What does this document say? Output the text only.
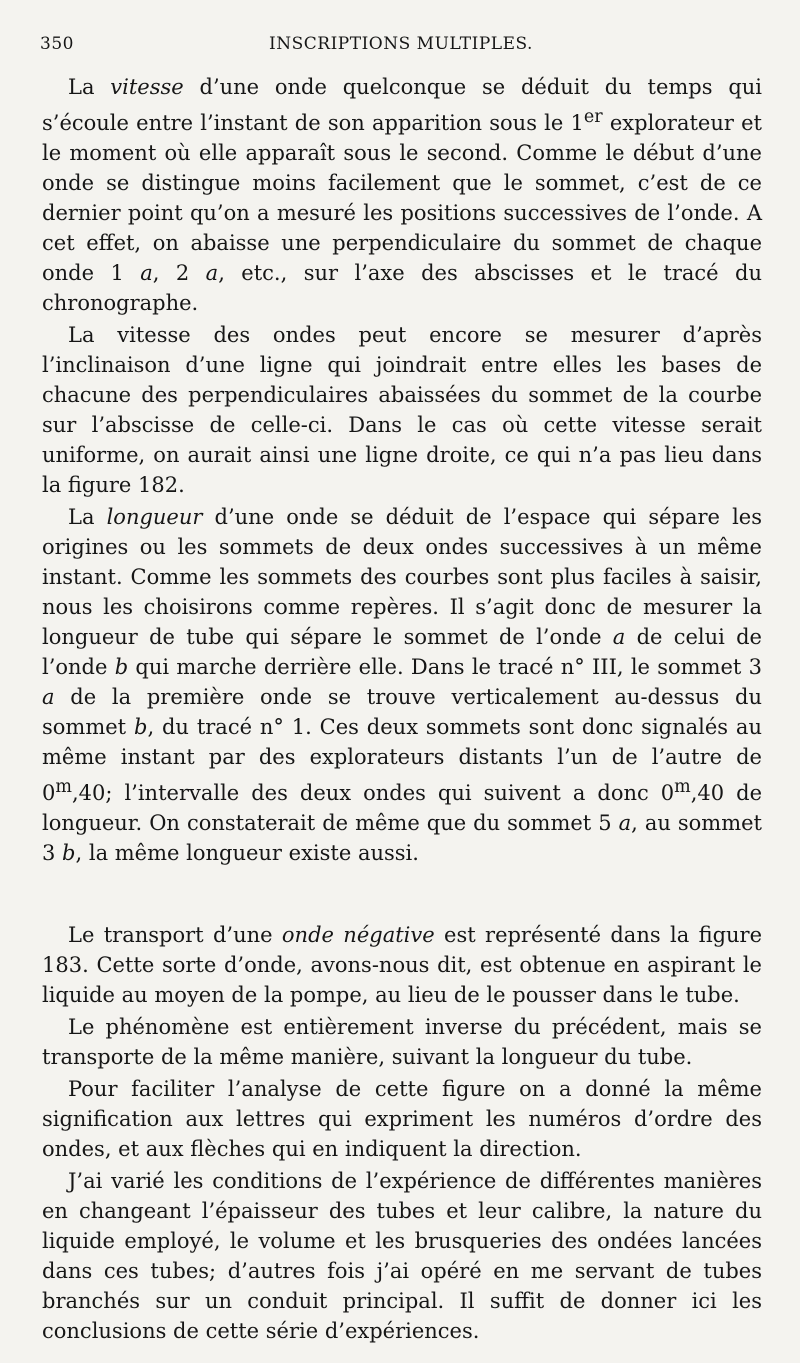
350	INSCRIPTIONS MULTIPLES.

La vitesse d’une onde quelconque se déduit du temps qui s’écoule entre l’instant de son apparition sous le 1er explorateur et le moment où elle apparaît sous le second. Comme le début d’une onde se distingue moins facilement que le sommet, c’est de ce dernier point qu’on a mesuré les positions successives de l’onde. A cet effet, on abaisse une perpendiculaire du sommet de chaque onde 1 a, 2 a, etc., sur l’axe des abscisses et le tracé du chronographe.

La vitesse des ondes peut encore se mesurer d’après l’inclinaison d’une ligne qui joindrait entre elles les bases de chacune des perpendiculaires abaissées du sommet de la courbe sur l’abscisse de celle-ci. Dans le cas où cette vitesse serait uniforme, on aurait ainsi une ligne droite, ce qui n’a pas lieu dans la figure 182.

La longueur d’une onde se déduit de l’espace qui sépare les origines ou les sommets de deux ondes successives à un même instant. Comme les sommets des courbes sont plus faciles à saisir, nous les choisirons comme repères. Il s’agit donc de mesurer la longueur de tube qui sépare le sommet de l’onde a de celui de l’onde b qui marche derrière elle. Dans le tracé n° III, le sommet 3 a de la première onde se trouve verticalement au-dessus du sommet b, du tracé n° 1. Ces deux sommets sont donc signalés au même instant par des explorateurs distants l’un de l’autre de 0$^m$,40; l’intervalle des deux ondes qui suivent a donc 0$^m$,40 de longueur. On constaterait de même que du sommet 5 a, au sommet 3 b, la même longueur existe aussi.

Le transport d’une onde négative est représenté dans la figure 183. Cette sorte d’onde, avons-nous dit, est obtenue en aspirant le liquide au moyen de la pompe, au lieu de le pousser dans le tube.

Le phénomène est entièrement inverse du précédent, mais se transporte de la même manière, suivant la longueur du tube.

Pour faciliter l’analyse de cette figure on a donné la même signification aux lettres qui expriment les numéros d’ordre des ondes, et aux flèches qui en indiquent la direction.

J’ai varié les conditions de l’expérience de différentes manières en changeant l’épaisseur des tubes et leur calibre, la nature du liquide employé, le volume et les brusqueries des ondées lancées dans ces tubes; d’autres fois j’ai opéré en me servant de tubes branchés sur un conduit principal. Il suffit de donner ici les conclusions de cette série d’expériences.
